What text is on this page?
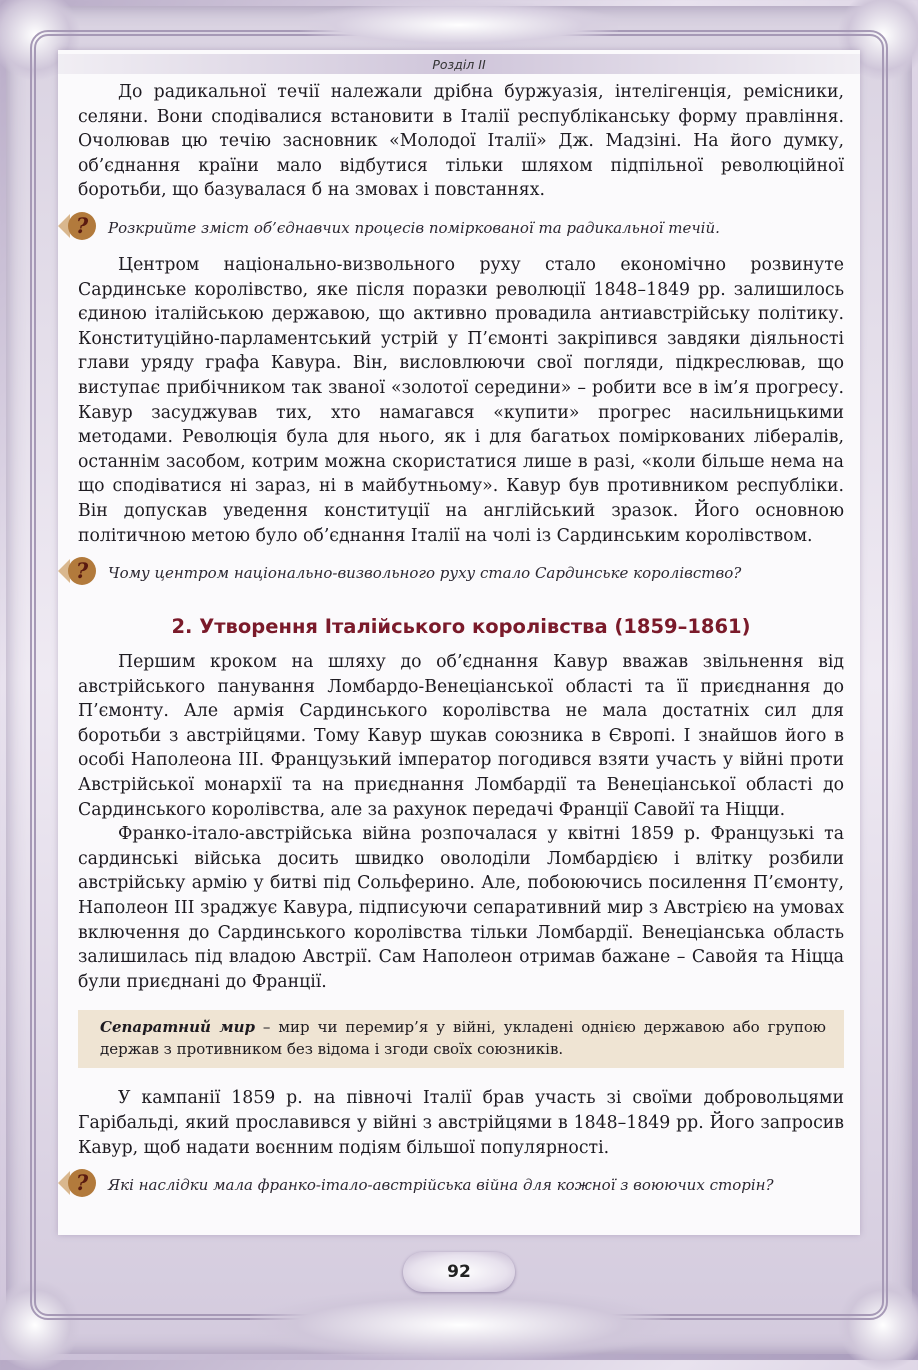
Розділ ІІ

До радикальної течії належали дрібна буржуазія, інтелігенція, ремісники, селяни. Вони сподівалися встановити в Італії республіканську форму правління. Очолював цю течію засновник «Молодої Італії» Дж. Мадзіні. На його думку, об’єднання країни мало відбутися тільки шляхом підпільної революційної боротьби, що базувалася б на змовах і повстаннях.

? Розкрийте зміст об’єднавчих процесів поміркованої та радикальної течій.

Центром національно-визвольного руху стало економічно розвинуте Сардинське королівство, яке після поразки революції 1848–1849 рр. залишилось єдиною італійською державою, що активно провадила антиавстрійську політику. Конституційно-парламентський устрій у П’ємонті закріпився завдяки діяльності глави уряду графа Кавура. Він, висловлюючи свої погляди, підкреслював, що виступає прибічником так званої «золотої середини» – робити все в ім’я прогресу. Кавур засуджував тих, хто намагався «купити» прогрес насильницькими методами. Революція була для нього, як і для багатьох поміркованих лібералів, останнім засобом, котрим можна скористатися лише в разі, «коли більше нема на що сподіватися ні зараз, ні в майбутньому». Кавур був противником республіки. Він допускав уведення конституції на англійський зразок. Його основною політичною метою було об’єднання Італії на чолі із Сардинським королівством.

? Чому центром національно-визвольного руху стало Сардинське королівство?
2. Утворення Італійського королівства (1859–1861)

Першим кроком на шляху до об’єднання Кавур вважав звільнення від австрійського панування Ломбардо-Венеціанської області та її приєднання до П’ємонту. Але армія Сардинського королівства не мала достатніх сил для боротьби з австрійцями. Тому Кавур шукав союзника в Європі. І знайшов його в особі Наполеона ІІІ. Французький імператор погодився взяти участь у війні проти Австрійської монархії та на приєднання Ломбардії та Венеціанської області до Сардинського королівства, але за рахунок передачі Франції Савойї та Ніцци.

Франко-італо-австрійська війна розпочалася у квітні 1859 р. Французькі та сардинські війська досить швидко оволоділи Ломбардією і влітку розбили австрійську армію у битві під Сольферино. Але, побоюючись посилення П’ємонту, Наполеон ІІІ зраджує Кавура, підписуючи сепаративний мир з Австрією на умовах включення до Сардинського королівства тільки Ломбардії. Венеціанська область залишилась під владою Австрії. Сам Наполеон отримав бажане – Савойя та Ніцца були приєднані до Франції.

Сепаратний мир – мир чи перемир’я у війні, укладені однією державою або групою держав з противником без відома і згоди своїх союзників.

У кампанії 1859 р. на півночі Італії брав участь зі своїми добровольцями Гарібальді, який прославився у війні з австрійцями в 1848–1849 рр. Його запросив Кавур, щоб надати воєнним подіям більшої популярності.

? Які наслідки мала франко-італо-австрійська війна для кожної з воюючих сторін?
92
